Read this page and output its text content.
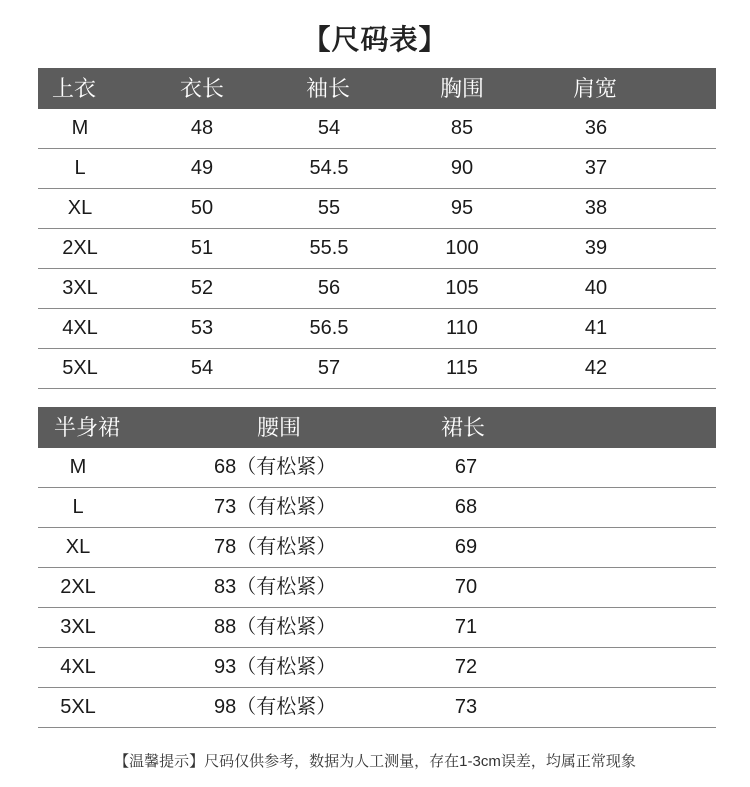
【尺码表】
上衣	衣长	袖长	胸围	肩宽
M	48	54	85	36
L	49	54.5	90	37
XL	50	55	95	38
2XL	51	55.5	100	39
3XL	52	56	105	40
4XL	53	56.5	110	41
5XL	54	57	115	42
半身裙	腰围	裙长
M	68（有松紧）	67
L	73（有松紧）	68
XL	78（有松紧）	69
2XL	83（有松紧）	70
3XL	88（有松紧）	71
4XL	93（有松紧）	72
5XL	98（有松紧）	73
【温馨提示】尺码仅供参考，数据为人工测量，存在1-3cm误差，均属正常现象
